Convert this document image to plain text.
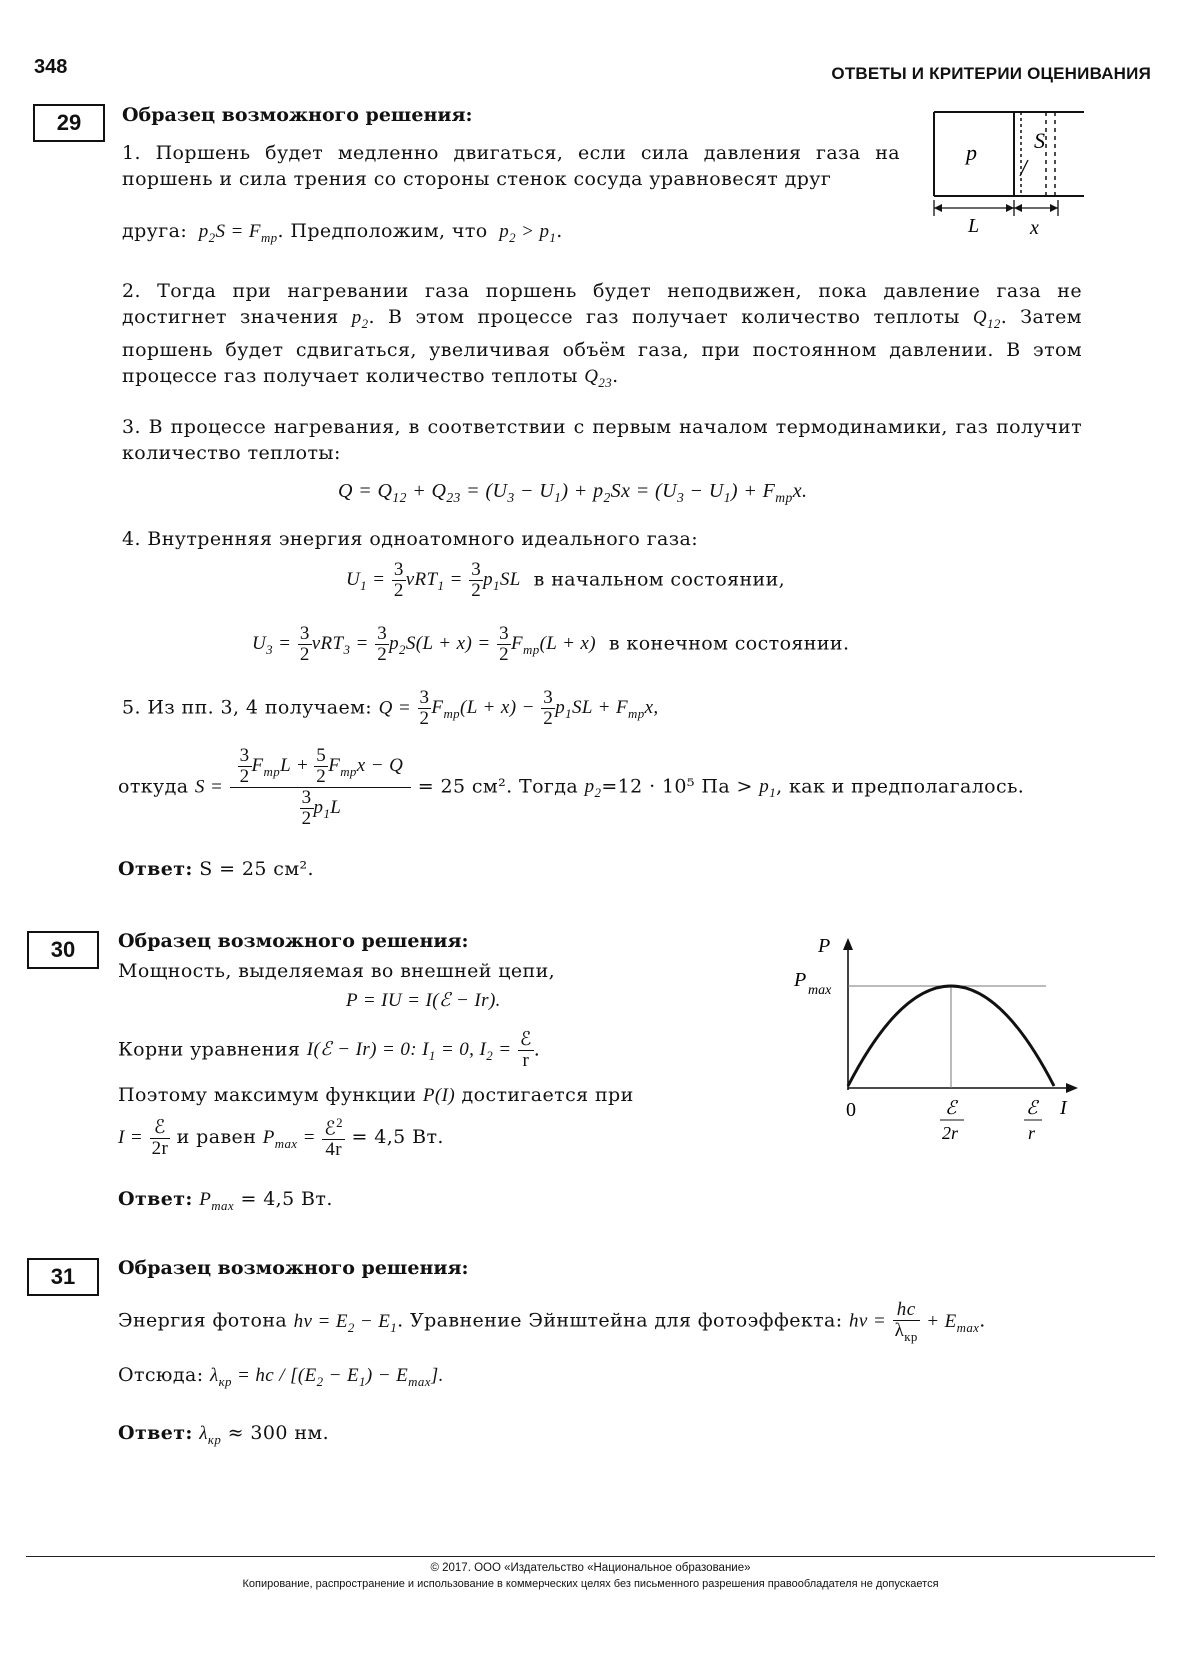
348	ОТВЕТЫ И КРИТЕРИИ ОЦЕНИВАНИЯ
29	Образец возможного решения:
1. Поршень будет медленно двигаться, если сила давления газа на поршень и сила трения со стороны стенок сосуда уравновесят друг
друга:  $p_2S = F_{тр}$. Предположим, что  $p_2 > p_1$.
p	S
L	x
2. Тогда при нагревании газа поршень будет неподвижен, пока давление газа не достигнет значения $p_2$. В этом процессе газ получает количество теплоты $Q_{12}$. Затем поршень будет сдвигаться, увеличивая объём газа, при постоянном давлении. В этом процессе газ получает количество теплоты $Q_{23}$.
3. В процессе нагревания, в соответствии с первым началом термодинамики, газ получит количество теплоты:
$Q = Q_{12} + Q_{23} = (U_3 - U_1) + p_2Sx = (U_3 - U_1) + F_{тр}x$.
4. Внутренняя энергия одноатомного идеального газа:
$U_1 = \frac{3}{2} \nu RT_1 = \frac{3}{2} p_1SL$ в начальном состоянии,
$U_3 = \frac{3}{2} \nu RT_3 = \frac{3}{2} p_2S(L + x) = \frac{3}{2} F_{тр}(L + x)$ в конечном состоянии.
5. Из пп. 3, 4 получаем: $Q = \frac{3}{2} F_{тр}(L + x) - \frac{3}{2} p_1SL + F_{тр}x$,
откуда $S = \frac{\frac{3}{2} F_{тр}L + \frac{5}{2} F_{тр}x - Q}{\frac{3}{2} p_1L} = 25$ см². Тогда $p_2=12 \cdot 10^5$ Па > $p_1$, как и предполагалось.
Ответ: S = 25 см².
30	Образец возможного решения:
Мощность, выделяемая во внешней цепи,
P = IU = I(ℰ − Ir).
Корни уравнения I(ℰ − Ir) = 0: $I_1 = 0$, $I_2 = \frac{\text{ℰ}}{r}$ .
Поэтому максимум функции P(I) достигается при
$I = \frac{\text{ℰ}}{2r}$ и равен $P_{max} = \frac{ℰ^2}{4r} = 4,5$ Вт.
Ответ: $P_{max} = 4,5$ Вт.
P
P max
0	ℰ
2r
ℰ
r
I
31	Образец возможного решения:
Энергия фотона $h\nu = E_2 - E_1$. Уравнение Эйнштейна для фотоэффекта: $h\nu = \frac{hc}{\lambda_{кр}} + E_{max}$.
Отсюда: $\lambda_{кр}$ = hc / $[(E_2 - E_1) - E_{max}]$.
Ответ: $\lambda_{кр} \approx 300$ нм.
© 2017. ООО «Издательство «Национальное образование»
Копирование, распространение и использование в коммерческих целях без письменного разрешения правообладателя не допускается
